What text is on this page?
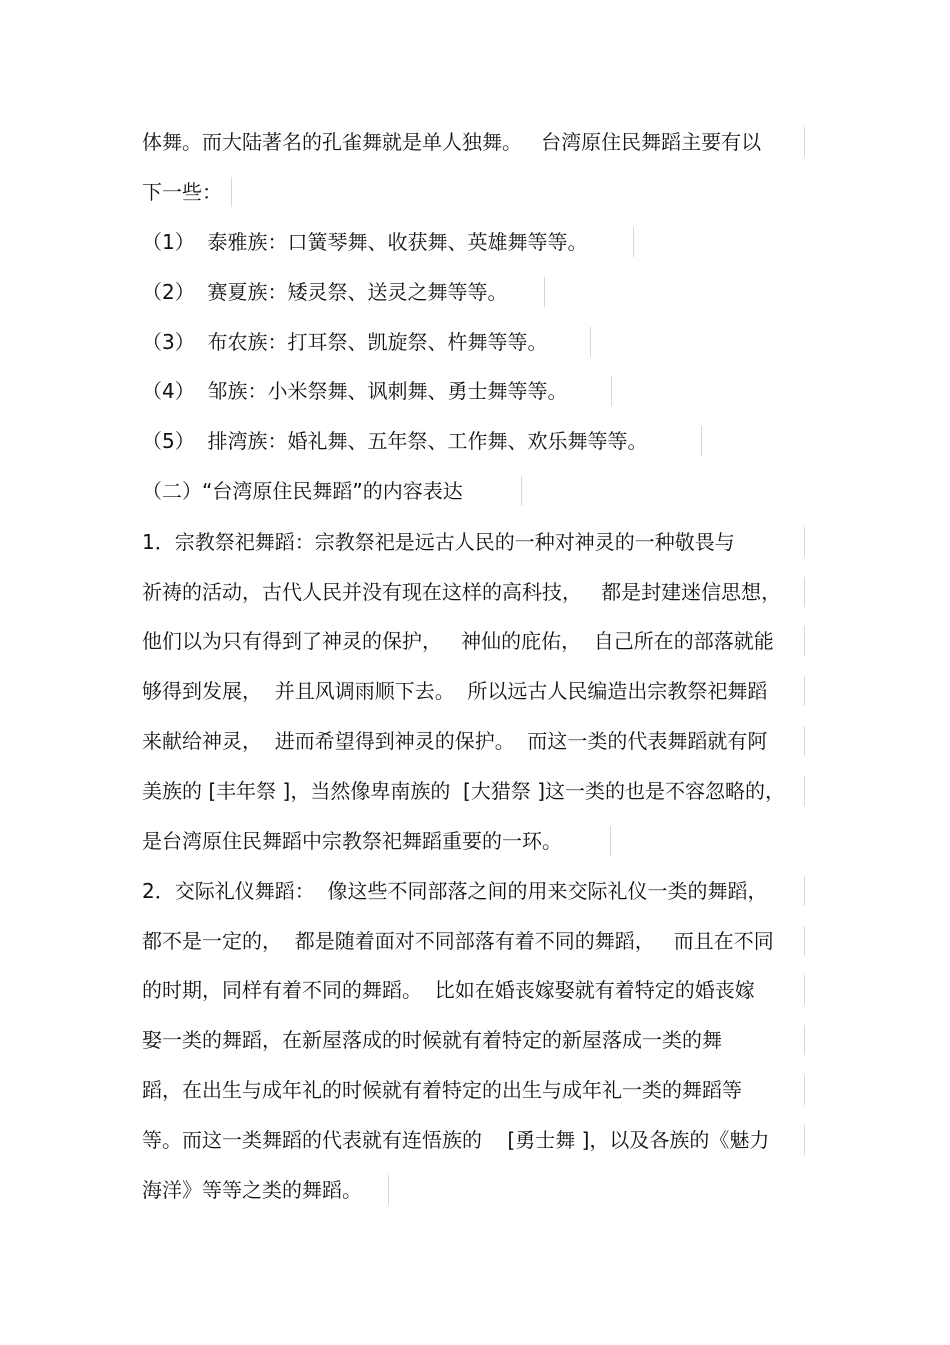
体舞。而大陆著名的孔雀舞就是单人独舞。   台湾原住民舞蹈主要有以
下一些：
（1）  泰雅族：口簧琴舞、收获舞、英雄舞等等。
（2）  赛夏族：矮灵祭、送灵之舞等等。
（3）  布农族：打耳祭、凯旋祭、杵舞等等。
（4）  邹族：小米祭舞、讽刺舞、勇士舞等等。
（5）  排湾族：婚礼舞、五年祭、工作舞、欢乐舞等等。
（二）“台湾原住民舞蹈”的内容表达
1．宗教祭祀舞蹈：宗教祭祀是远古人民的一种对神灵的一种敬畏与
祈祷的活动，古代人民并没有现在这样的高科技，   都是封建迷信思想，
他们以为只有得到了神灵的保护，   神仙的庇佑，  自己所在的部落就能
够得到发展，  并且风调雨顺下去。  所以远古人民编造出宗教祭祀舞蹈
来献给神灵，  进而希望得到神灵的保护。  而这一类的代表舞蹈就有阿
美族的 [丰年祭 ]，当然像卑南族的  [大猎祭 ]这一类的也是不容忽略的，
是台湾原住民舞蹈中宗教祭祀舞蹈重要的一环。
2．交际礼仪舞蹈：  像这些不同部落之间的用来交际礼仪一类的舞蹈，
都不是一定的，  都是随着面对不同部落有着不同的舞蹈，   而且在不同
的时期，同样有着不同的舞蹈。  比如在婚丧嫁娶就有着特定的婚丧嫁
娶一类的舞蹈，在新屋落成的时候就有着特定的新屋落成一类的舞
蹈，在出生与成年礼的时候就有着特定的出生与成年礼一类的舞蹈等
等。而这一类舞蹈的代表就有连悟族的    [勇士舞 ]，以及各族的《魅力
海洋》等等之类的舞蹈。
